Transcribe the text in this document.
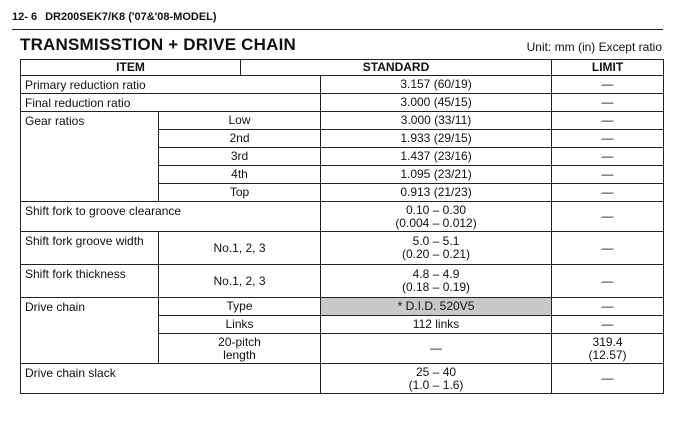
12- 6 DR200SEK7/K8 ('07&'08-MODEL)
TRANSMISSTION + DRIVE CHAIN	Unit: mm (in) Except ratio
ITEM		STANDARD		LIMIT
Primary reduction ratio			3.157 (60/19)	—
Final reduction ratio			3.000 (45/15)	—
Gear ratios	Low		3.000 (33/11)	—
	2nd		1.933 (29/15)	—
	3rd		1.437 (23/16)	—
	4th		1.095 (23/21)	—
	Top		0.913 (21/23)	—
Shift fork to groove clearance			0.10 – 0.30
(0.004 – 0.012)	—
Shift fork groove width	No.1, 2, 3		5.0 – 5.1
(0.20 – 0.21)	—
Shift fork thickness	No.1, 2, 3		4.8 – 4.9
(0.18 – 0.19)	—
Drive chain	Type		* D.I.D. 520V5	—
	Links		112 links	—

	20-pitch
length		—	319.4
(12.57)

Drive chain slack			25 – 40
(1.0 – 1.6)	—
